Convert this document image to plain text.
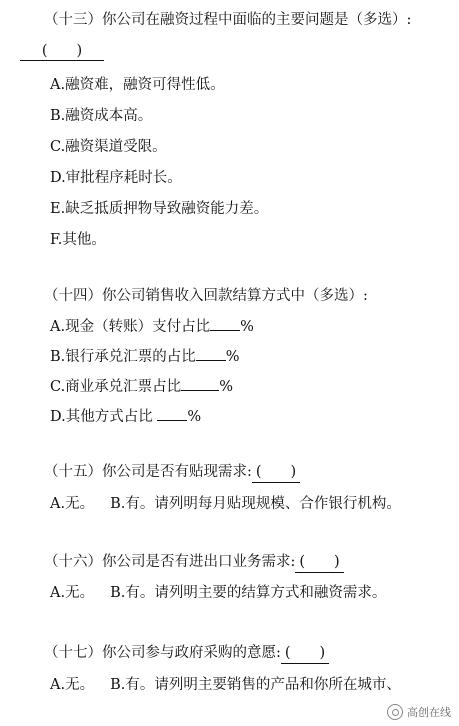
（十三）你公司在融资过程中面临的主要问题是（多选）:
(　　)
A.融资难，融资可得性低。
B.融资成本高。
C.融资渠道受限。
D.审批程序耗时长。
E.缺乏抵质押物导致融资能力差。
F.其他。
（十四）你公司销售收入回款结算方式中（多选）:
A.现金（转账）支付占比 %
B.银行承兑汇票的占比 %
C.商业承兑汇票占比	%
D.其他方式占比 %
（十五）你公司是否有贴现需求: (　　)
A.无。 B.有。请列明每月贴现规模、合作银行机构。
（十六）你公司是否有进出口业务需求: (　　)
A.无。 B.有。请列明主要的结算方式和融资需求。
（十七）你公司参与政府采购的意愿: (　　)
A.无。 B.有。请列明主要销售的产品和你所在城市、
高创在线
